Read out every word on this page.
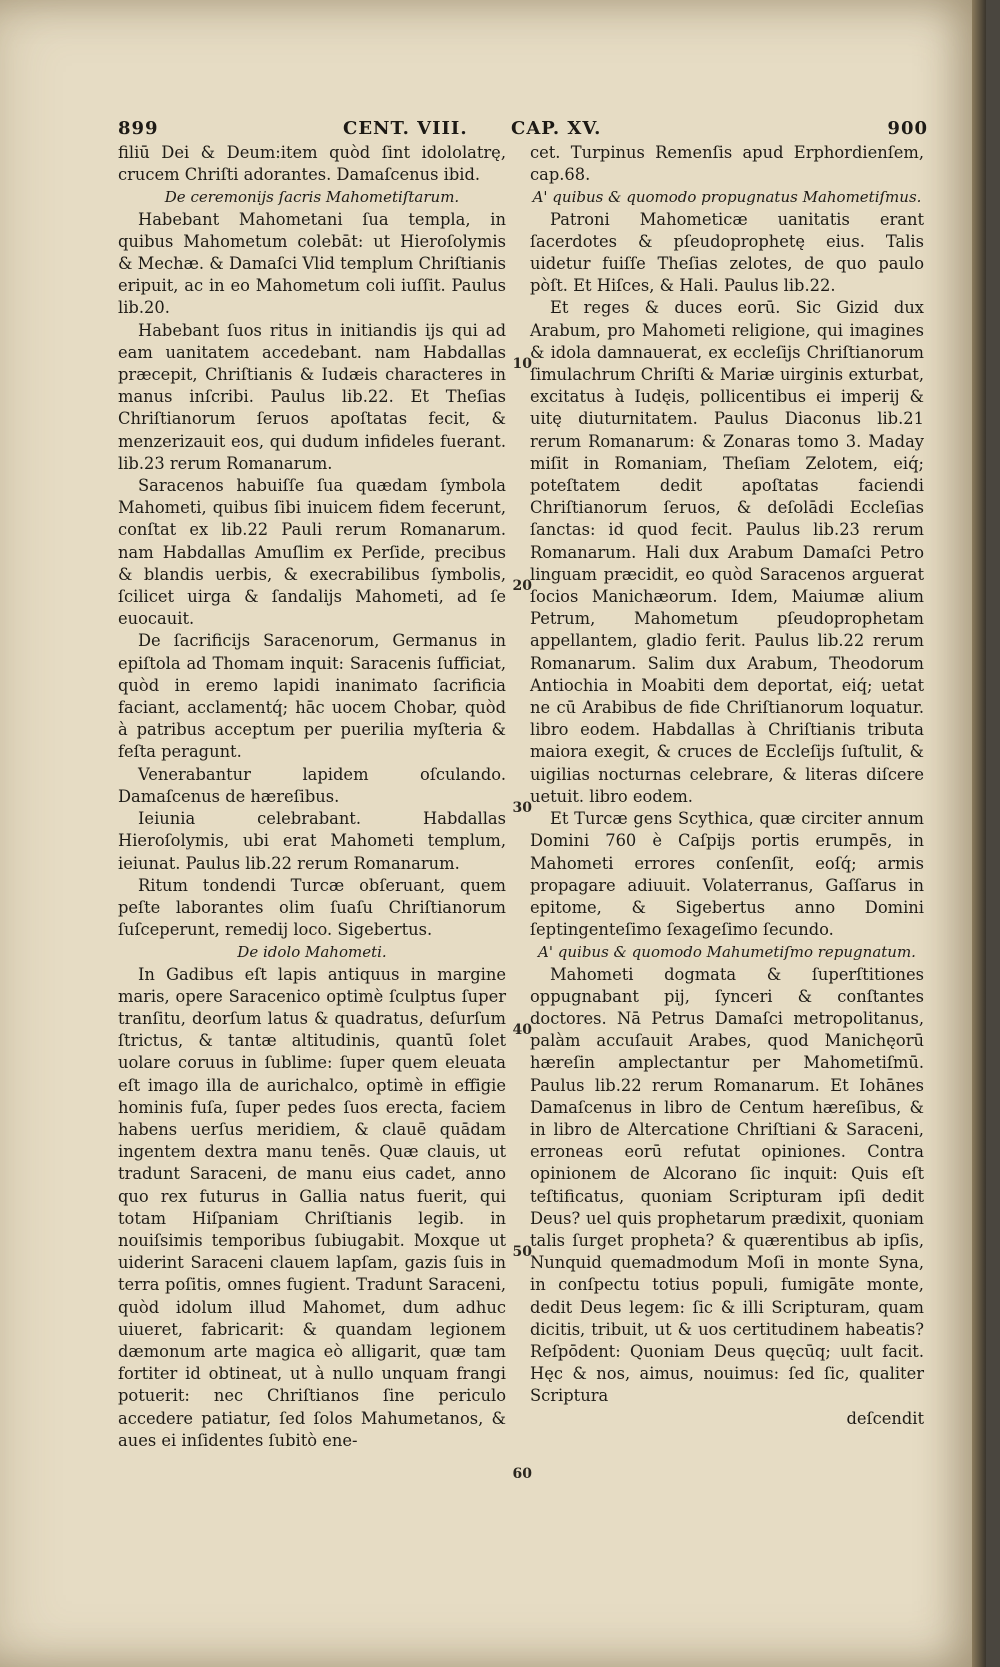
899	CENT. VIII. CAP. XV.	900

filiū Dei & Deum:item quòd ſint idololatrę, crucem Chriſti adorantes. Damaſcenus ibid.

De ceremonijs ſacris Mahometiſtarum.

Habebant Mahometani ſua templa, in quibus Mahometum colebāt: ut Hieroſolymis & Mechæ. & Damaſci Vlid templum Chriſtianis eripuit, ac in eo Mahometum coli iuſſit. Paulus lib.20.

Habebant ſuos ritus in initiandis ijs qui ad eam uanitatem accedebant. nam Habdallas præcepit, Chriſtianis & Iudæis characteres in manus inſcribi. Paulus lib.22. Et Theſias Chriſtianorum ſeruos apoſtatas fecit, & menzerizauit eos, qui dudum infideles fuerant. lib.23 rerum Romanarum.

Saracenos habuiſſe ſua quædam ſymbola Mahometi, quibus ſibi inuicem fidem fecerunt, conſtat ex lib.22 Pauli rerum Romanarum. nam Habdallas Amuſlim ex Perſide, precibus & blandis uerbis, & execrabilibus ſymbolis, ſcilicet uirga & ſandalijs Mahometi, ad ſe euocauit.

De ſacrificijs Saracenorum, Germanus in epiſtola ad Thomam inquit: Saracenis ſufficiat, quòd in eremo lapidi inanimato ſacrificia faciant, acclamentq́; hāc uocem Chobar, quòd à patribus acceptum per puerilia myſteria & feſta peragunt.

Venerabantur lapidem oſculando. Damaſcenus de hæreſibus.

Ieiunia celebrabant. Habdallas Hieroſolymis, ubi erat Mahometi templum, ieiunat. Paulus lib.22 rerum Romanarum.

Ritum tondendi Turcæ obſeruant, quem peſte laborantes olim ſuaſu Chriſtianorum ſuſceperunt, remedij loco. Sigebertus.

De idolo Mahometi.

In Gadibus eſt lapis antiquus in margine maris, opere Saracenico optimè ſculptus ſuper tranſitu, deorſum latus & quadratus, deſurſum ſtrictus, & tantæ altitudinis, quantū ſolet uolare coruus in ſublime: ſuper quem eleuata eſt imago illa de aurichalco, optimè in effigie hominis fuſa, ſuper pedes ſuos erecta, faciem habens uerſus meridiem, & clauē quādam ingentem dextra manu tenēs. Quæ clauis, ut tradunt Saraceni, de manu eius cadet, anno quo rex futurus in Gallia natus fuerit, qui totam Hiſpaniam Chriſtianis legib. in nouiſsimis temporibus ſubiugabit. Moxque ut uiderint Saraceni clauem lapſam, gazis ſuis in terra poſitis, omnes fugient. Tradunt Saraceni, quòd idolum illud Mahomet, dum adhuc uiueret, fabricarit: & quandam legionem dæmonum arte magica eò alligarit, quæ tam fortiter id obtineat, ut à nullo unquam frangi potuerit: nec Chriſtianos ſine periculo accedere patiatur, ſed ſolos Mahumetanos, & aues ei inſidentes ſubitò ene-

cet. Turpinus Remenſis apud Erphordienſem, cap.68.

A' quibus & quomodo propugnatus Mahometiſmus.

Patroni Mahometicæ uanitatis erant ſacerdotes & pſeudoprophetę eius. Talis uidetur fuiſſe Theſias zelotes, de quo paulo pòſt. Et Hiſces, & Hali. Paulus lib.22.

Et reges & duces eorū. Sic Gizid dux Arabum, pro Mahometi religione, qui imagines & idola damnauerat, ex eccleſijs Chriſtianorum ſimulachrum Chriſti & Mariæ uirginis exturbat, excitatus à Iudęis, pollicentibus ei imperij & uitę diuturnitatem. Paulus Diaconus lib.21 rerum Romanarum: & Zonaras tomo 3. Maday miſit in Romaniam, Theſiam Zelotem, eiq́; poteſtatem dedit apoſtatas faciendi Chriſtianorum ſeruos, & deſolādi Eccleſias ſanctas: id quod fecit. Paulus lib.23 rerum Romanarum. Hali dux Arabum Damaſci Petro linguam præcidit, eo quòd Saracenos arguerat ſocios Manichæorum. Idem, Maiumæ alium Petrum, Mahometum pſeudoprophetam appellantem, gladio ferit. Paulus lib.22 rerum Romanarum. Salim dux Arabum, Theodorum Antiochia in Moabiti dem deportat, eiq́; uetat ne cū Arabibus de fide Chriſtianorum loquatur. libro eodem. Habdallas à Chriſtianis tributa maiora exegit, & cruces de Eccleſijs ſuſtulit, & uigilias nocturnas celebrare, & literas diſcere uetuit. libro eodem.

Et Turcæ gens Scythica, quæ circiter annum Domini 760 è Caſpijs portis erumpēs, in Mahometi errores conſenſit, eoſq́; armis propagare adiuuit. Volaterranus, Gaſſarus in epitome, & Sigebertus anno Domini ſeptingenteſimo ſexageſimo ſecundo.

A' quibus & quomodo Mahumetiſmo repugnatum.

Mahometi dogmata & ſuperſtitiones oppugnabant pij, ſynceri & conſtantes doctores. Nā Petrus Damaſci metropolitanus, palàm accuſauit Arabes, quod Manichęorū hæreſin amplectantur per Mahometiſmū. Paulus lib.22 rerum Romanarum. Et Iohānes Damaſcenus in libro de Centum hæreſibus, & in libro de Altercatione Chriſtiani & Saraceni, erroneas eorū refutat opiniones. Contra opinionem de Alcorano ſic inquit: Quis eſt teſtificatus, quoniam Scripturam ipſi dedit Deus? uel quis prophetarum prædixit, quoniam talis ſurget propheta? & quærentibus ab ipſis, Nunquid quemadmodum Moſi in monte Syna, in conſpectu totius populi, fumigāte monte, dedit Deus legem: ſic & illi Scripturam, quam dicitis, tribuit, ut & uos certitudinem habeatis? Reſpōdent: Quoniam Deus quęcūq; uult facit. Hęc & nos, aimus, nouimus: ſed ſic, qualiter Scriptura

deſcendit

10
20
30
40
50
60
